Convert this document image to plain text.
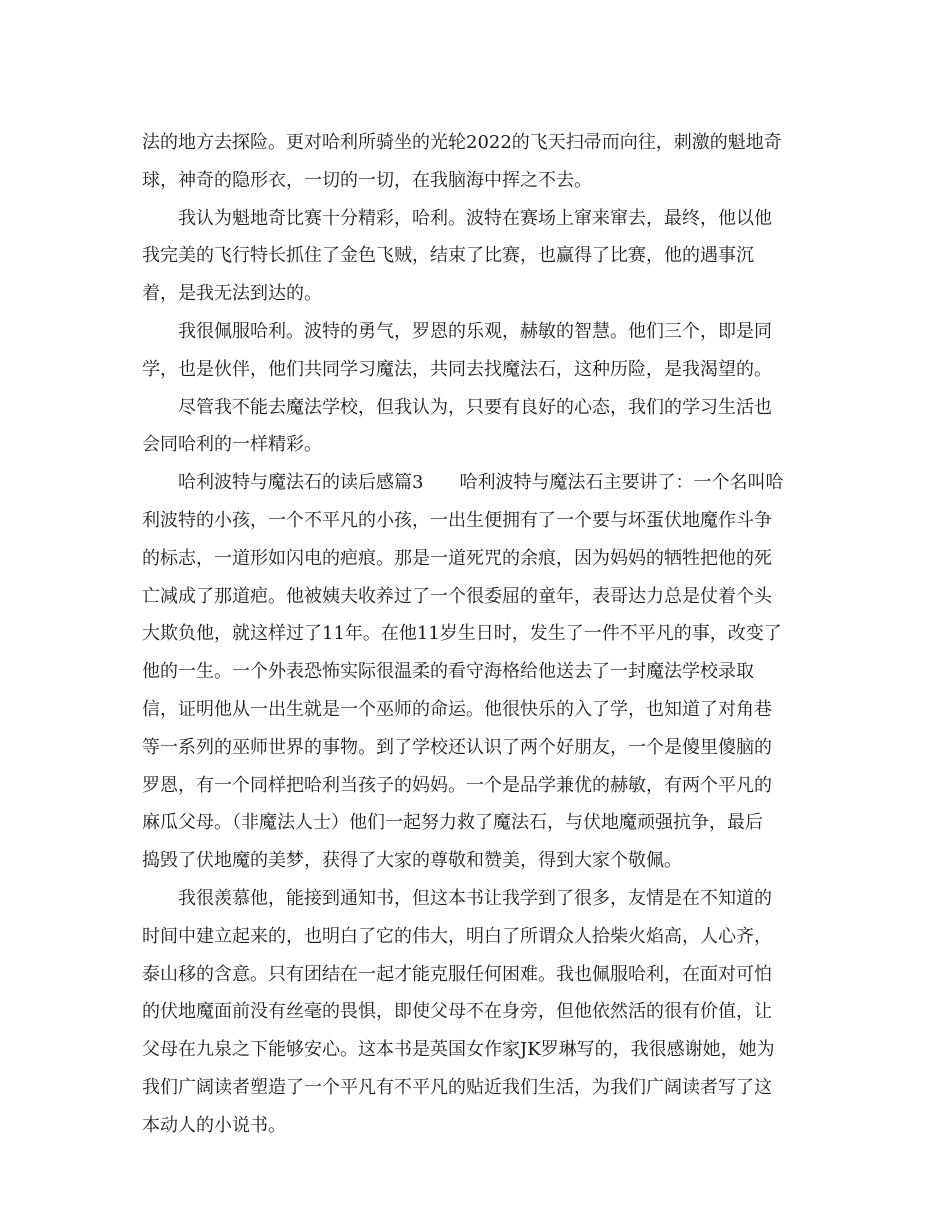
法的地方去探险。更对哈利所骑坐的光轮2022的飞天扫帚而向往，刺激的魁地奇
球，神奇的隐形衣，一切的一切，在我脑海中挥之不去。
我认为魁地奇比赛十分精彩，哈利。波特在赛场上窜来窜去，最终，他以他
我完美的飞行特长抓住了金色飞贼，结束了比赛，也赢得了比赛，他的遇事沉
着，是我无法到达的。
我很佩服哈利。波特的勇气，罗恩的乐观，赫敏的智慧。他们三个，即是同
学，也是伙伴，他们共同学习魔法，共同去找魔法石，这种历险，是我渴望的。
尽管我不能去魔法学校，但我认为，只要有良好的心态，我们的学习生活也
会同哈利的一样精彩。
哈利波特与魔法石的读后感篇3　　哈利波特与魔法石主要讲了：一个名叫哈
利波特的小孩，一个不平凡的小孩，一出生便拥有了一个要与坏蛋伏地魔作斗争
的标志，一道形如闪电的疤痕。那是一道死咒的余痕，因为妈妈的牺牲把他的死
亡减成了那道疤。他被姨夫收养过了一个很委屈的童年，表哥达力总是仗着个头
大欺负他，就这样过了11年。在他11岁生日时，发生了一件不平凡的事，改变了
他的一生。一个外表恐怖实际很温柔的看守海格给他送去了一封魔法学校录取
信，证明他从一出生就是一个巫师的命运。他很快乐的入了学，也知道了对角巷
等一系列的巫师世界的事物。到了学校还认识了两个好朋友，一个是傻里傻脑的
罗恩，有一个同样把哈利当孩子的妈妈。一个是品学兼优的赫敏，有两个平凡的
麻瓜父母。（非魔法人士）他们一起努力救了魔法石，与伏地魔顽强抗争，最后
捣毁了伏地魔的美梦，获得了大家的尊敬和赞美，得到大家个敬佩。
我很羡慕他，能接到通知书，但这本书让我学到了很多，友情是在不知道的
时间中建立起来的，也明白了它的伟大，明白了所谓众人拾柴火焰高，人心齐，
泰山移的含意。只有团结在一起才能克服任何困难。我也佩服哈利，在面对可怕
的伏地魔面前没有丝毫的畏惧，即使父母不在身旁，但他依然活的很有价值，让
父母在九泉之下能够安心。这本书是英国女作家JK罗琳写的，我很感谢她，她为
我们广阔读者塑造了一个平凡有不平凡的贴近我们生活，为我们广阔读者写了这
本动人的小说书。
